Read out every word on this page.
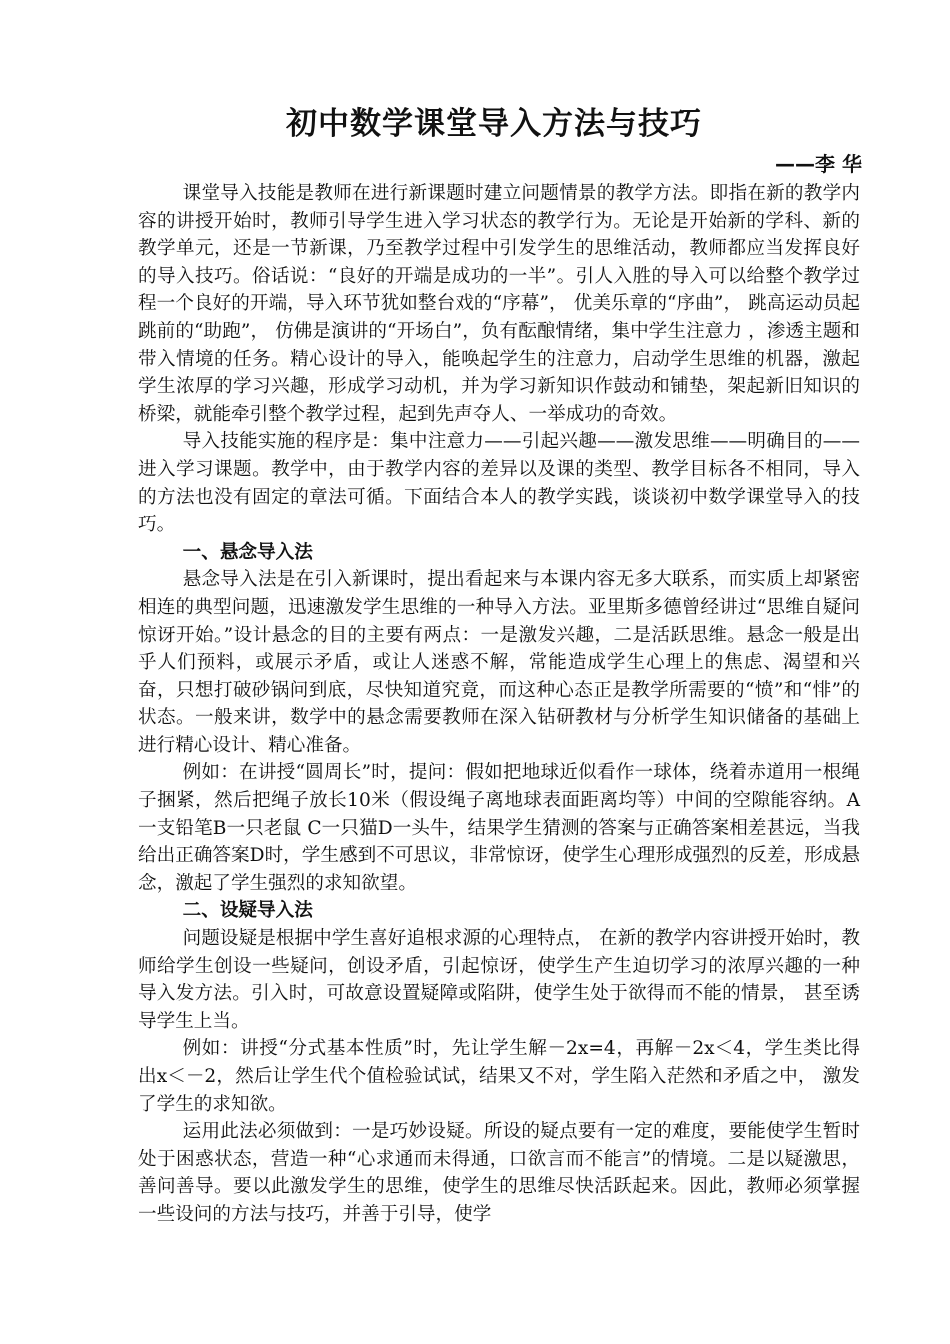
初中数学课堂导入方法与技巧
——李 华

课堂导入技能是教师在进行新课题时建立问题情景的教学方法。即指在新的教学内容的讲授开始时，教师引导学生进入学习状态的教学行为。无论是开始新的学科、新的教学单元，还是一节新课，乃至教学过程中引发学生的思维活动，教师都应当发挥良好的导入技巧。俗话说：“良好的开端是成功的一半”。引人入胜的导入可以给整个教学过程一个良好的开端，导入环节犹如整台戏的“序幕”， 优美乐章的“序曲”， 跳高运动员起跳前的“助跑”， 仿佛是演讲的“开场白”，负有酝酿情绪，集中学生注意力 ，渗透主题和带入情境的任务。精心设计的导入，能唤起学生的注意力，启动学生思维的机器，激起学生浓厚的学习兴趣，形成学习动机，并为学习新知识作鼓动和铺垫，架起新旧知识的桥梁，就能牵引整个教学过程，起到先声夺人、一举成功的奇效。

导入技能实施的程序是：集中注意力——引起兴趣——激发思维——明确目的——进入学习课题。教学中，由于教学内容的差异以及课的类型、教学目标各不相同，导入的方法也没有固定的章法可循。下面结合本人的教学实践，谈谈初中数学课堂导入的技巧。

一、悬念导入法

悬念导入法是在引入新课时，提出看起来与本课内容无多大联系，而实质上却紧密相连的典型问题，迅速激发学生思维的一种导入方法。亚里斯多德曾经讲过“思维自疑问惊讶开始。”设计悬念的目的主要有两点：一是激发兴趣，二是活跃思维。悬念一般是出乎人们预料，或展示矛盾，或让人迷惑不解，常能造成学生心理上的焦虑、渴望和兴奋，只想打破砂锅问到底，尽快知道究竟，而这种心态正是教学所需要的“愤”和“悱”的状态。一般来讲，数学中的悬念需要教师在深入钻研教材与分析学生知识储备的基础上进行精心设计、精心准备。

例如：在讲授“圆周长”时，提问：假如把地球近似看作一球体，绕着赤道用一根绳子捆紧，然后把绳子放长10米（假设绳子离地球表面距离均等）中间的空隙能容纳。A一支铅笔B一只老鼠 C一只猫D一头牛，结果学生猜测的答案与正确答案相差甚远，当我给出正确答案D时，学生感到不可思议，非常惊讶，使学生心理形成强烈的反差，形成悬念，激起了学生强烈的求知欲望。

二、设疑导入法

问题设疑是根据中学生喜好追根求源的心理特点， 在新的教学内容讲授开始时，教师给学生创设一些疑问，创设矛盾，引起惊讶，使学生产生迫切学习的浓厚兴趣的一种导入发方法。引入时，可故意设置疑障或陷阱，使学生处于欲得而不能的情景， 甚至诱导学生上当。

例如：讲授“分式基本性质”时，先让学生解－2x=4，再解－2x＜4，学生类比得出x＜－2，然后让学生代个值检验试试，结果又不对，学生陷入茫然和矛盾之中， 激发了学生的求知欲。

运用此法必须做到：一是巧妙设疑。所设的疑点要有一定的难度，要能使学生暂时处于困惑状态，营造一种“心求通而未得通，口欲言而不能言”的情境。二是以疑激思，善问善导。要以此激发学生的思维，使学生的思维尽快活跃起来。因此，教师必须掌握一些设问的方法与技巧，并善于引导，使学
